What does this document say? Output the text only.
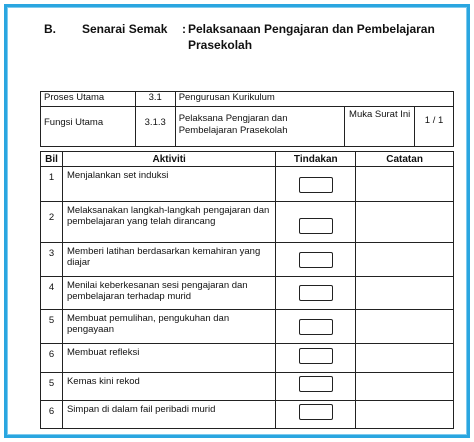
B. Senarai Semak : Pelaksanaan Pengajaran dan Pembelajaran
Prasekolah
Proses Utama	3.1	Pengurusan Kurikulum		
Fungsi Utama	3.1.3	Pelaksana Pengjaran dan Pembelajaran Prasekolah	Muka Surat Ini	1 / 1
Bil	Aktiviti	Tindakan	Catatan
1	Menjalankan set induksi		
2	Melaksanakan langkah-langkah pengajaran dan pembelajaran yang telah dirancang		
3	Memberi latihan berdasarkan kemahiran yang diajar		
4	Menilai keberkesanan sesi pengajaran dan pembelajaran terhadap murid		
5	Membuat pemulihan, pengukuhan dan pengayaan		
6	Membuat refleksi		
5	Kemas kini rekod		
6	Simpan di dalam fail peribadi murid		
